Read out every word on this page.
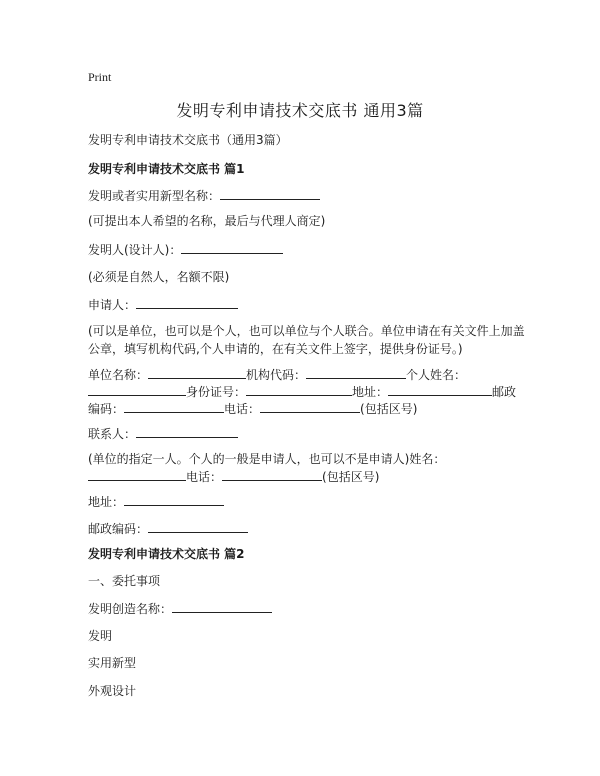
Print
发明专利申请技术交底书 通用3篇
发明专利申请技术交底书（通用3篇）
发明专利申请技术交底书 篇1
发明或者实用新型名称：
(可提出本人希望的名称，最后与代理人商定)
发明人(设计人)：
(必须是自然人，名额不限)
申请人：
(可以是单位，也可以是个人，也可以单位与个人联合。单位申请在有关文件上加盖公章，填写机构代码,个人申请的，在有关文件上签字，提供身份证号。)
单位名称：	机构代码：	个人姓名：
身份证号：	地址：	邮政
编码：	电话：	(包括区号)
联系人：
(单位的指定一人。个人的一般是申请人，也可以不是申请人)姓名：
电话：	(包括区号)
地址：
邮政编码：
发明专利申请技术交底书 篇2
一、委托事项
发明创造名称：
发明
实用新型
外观设计
